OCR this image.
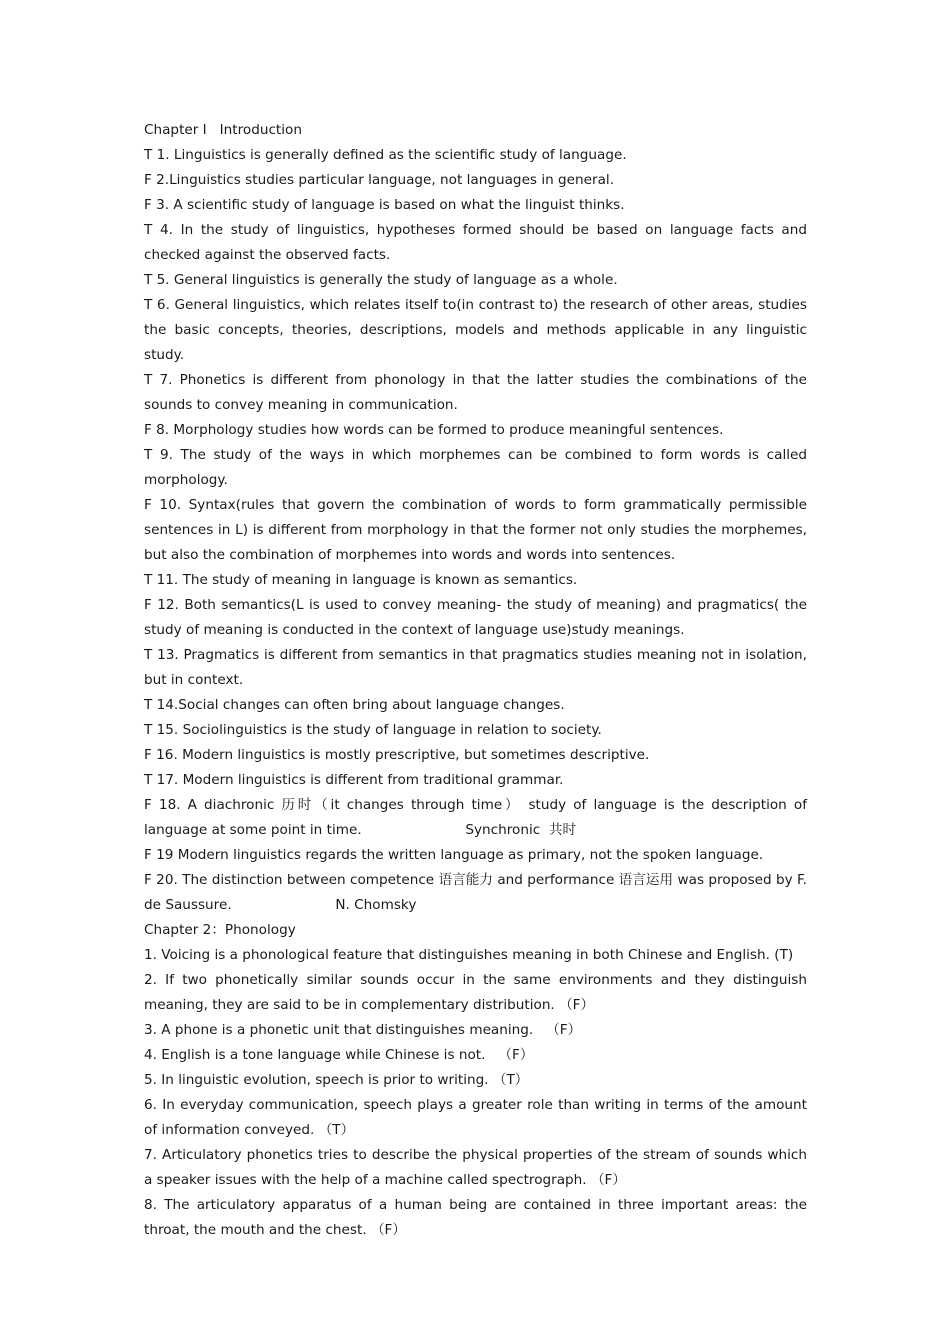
Chapter I   Introduction
T 1. Linguistics is generally defined as the scientific study of language.
F 2.Linguistics studies particular language, not languages in general.
F 3. A scientific study of language is based on what the linguist thinks.
T 4. In the study of linguistics, hypotheses formed should be based on language facts and checked against the observed facts.
T 5. General linguistics is generally the study of language as a whole.
T 6. General linguistics, which relates itself to(in contrast to) the research of other areas, studies the basic concepts, theories, descriptions, models and methods applicable in any linguistic study.
T 7. Phonetics is different from phonology in that the latter studies the combinations of the sounds to convey meaning in communication.
F 8. Morphology studies how words can be formed to produce meaningful sentences.
T 9. The study of the ways in which morphemes can be combined to form words is called morphology.
F 10. Syntax(rules that govern the combination of words to form grammatically permissible sentences in L) is different from morphology in that the former not only studies the morphemes, but also the combination of morphemes into words and words into sentences.
T 11. The study of meaning in language is known as semantics.
F 12. Both semantics(L is used to convey meaning- the study of meaning) and pragmatics( the study of meaning is conducted in the context of language use)study meanings.
T 13. Pragmatics is different from semantics in that pragmatics studies meaning not in isolation, but in context.
T 14.Social changes can often bring about language changes.
T 15. Sociolinguistics is the study of language in relation to society.
F 16. Modern linguistics is mostly prescriptive, but sometimes descriptive.
T 17. Modern linguistics is different from traditional grammar.
F 18. A diachronic 历时（it changes through time） study of language is the description of language at some point in time.	Synchronic  共时
F 19 Modern linguistics regards the written language as primary, not the spoken language.
F 20. The distinction between competence 语言能力 and performance 语言运用 was proposed by F. de Saussure.	N. Chomsky
Chapter 2：Phonology
1. Voicing is a phonological feature that distinguishes meaning in both Chinese and English. (T)
2. If two phonetically similar sounds occur in the same environments and they distinguish meaning, they are said to be in complementary distribution. （F）
3. A phone is a phonetic unit that distinguishes meaning.   （F）
4. English is a tone language while Chinese is not.   （F）
5. In linguistic evolution, speech is prior to writing. （T）
6. In everyday communication, speech plays a greater role than writing in terms of the amount of information conveyed. （T）
7. Articulatory phonetics tries to describe the physical properties of the stream of sounds which a speaker issues with the help of a machine called spectrograph. （F）
8. The articulatory apparatus of a human being are contained in three important areas: the throat, the mouth and the chest. （F）
